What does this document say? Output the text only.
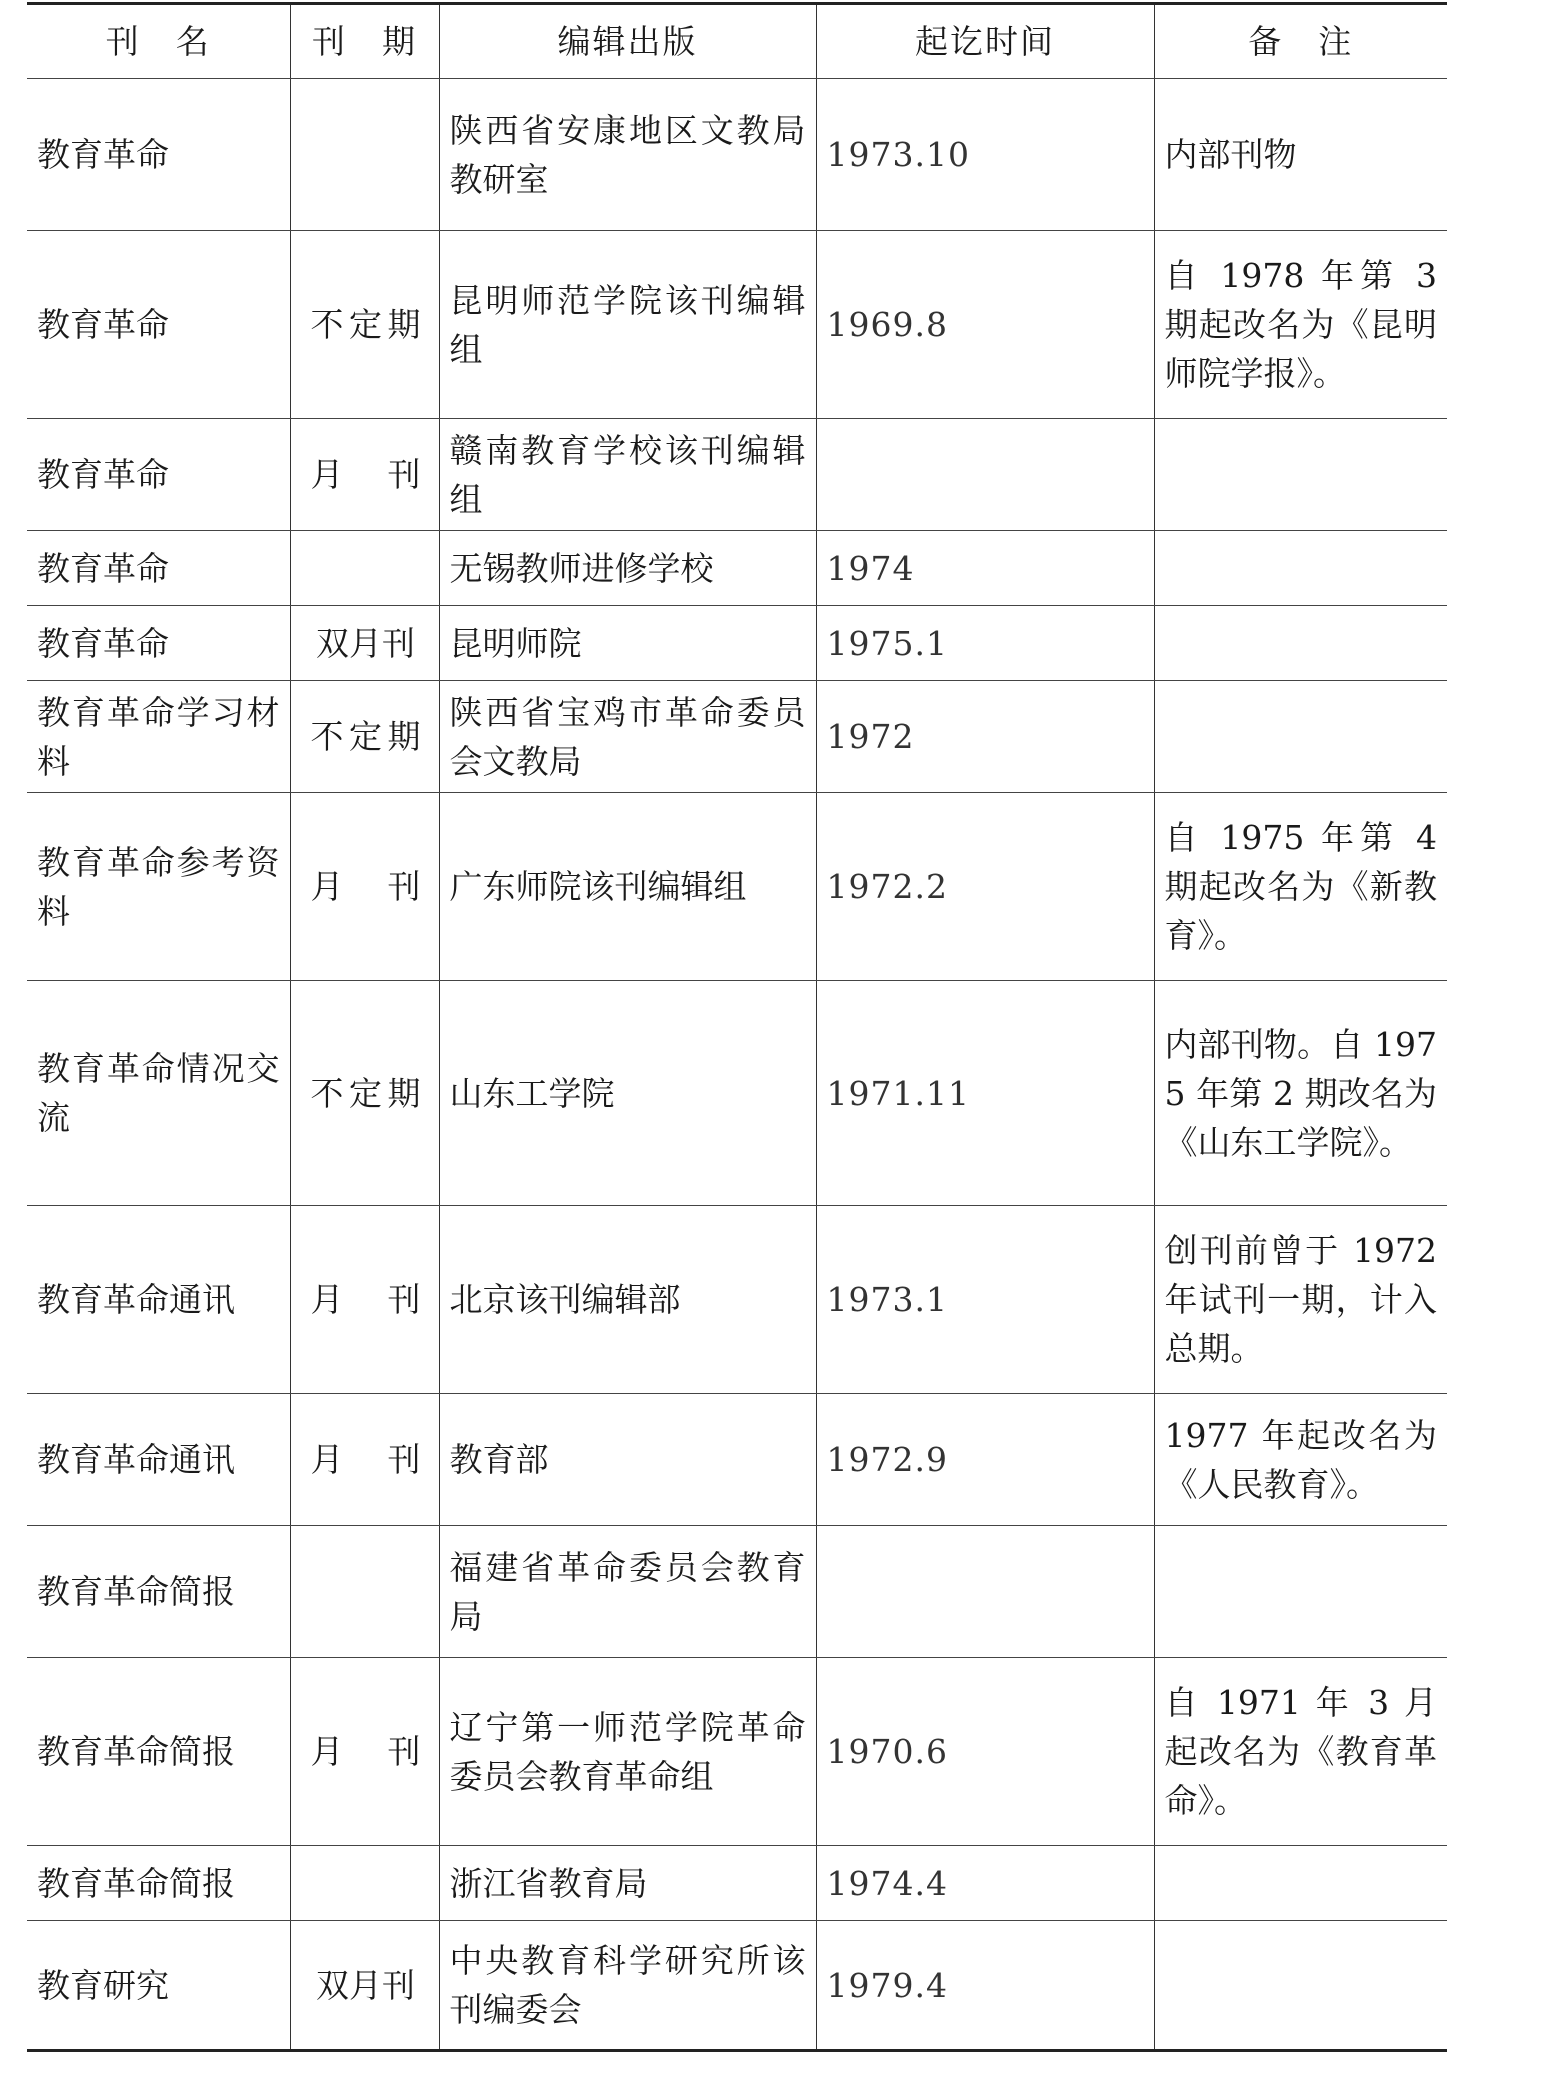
刊　名	刊　期	编辑出版	起讫时间	备　注
教育革命		陕西省安康地区文教局教研室	1973.10	内部刊物
教育革命	不定期	昆明师范学院该刊编辑组	1969.8	自 1978 年第 3 期起改名为《昆明师院学报》。
教育革命	月　刊	赣南教育学校该刊编辑组		
教育革命		无锡教师进修学校	1974	
教育革命	双月刊	昆明师院	1975.1	
教育革命学习材料	不定期	陕西省宝鸡市革命委员会文教局	1972	
教育革命参考资料	月　刊	广东师院该刊编辑组	1972.2	自 1975 年第 4 期起改名为《新教育》。
教育革命情况交流	不定期	山东工学院	1971.11	内部刊物。自 1975 年第 2 期改名为《山东工学院》。
教育革命通讯	月　刊	北京该刊编辑部	1973.1	创刊前曾于 1972 年试刊一期，计入总期。
教育革命通讯	月　刊	教育部	1972.9	1977 年起改名为《人民教育》。
教育革命简报		福建省革命委员会教育局		
教育革命简报	月　刊	辽宁第一师范学院革命委员会教育革命组	1970.6	自 1971 年 3 月起改名为《教育革命》。
教育革命简报		浙江省教育局	1974.4	
教育研究	双月刊	中央教育科学研究所该刊编委会	1979.4	
